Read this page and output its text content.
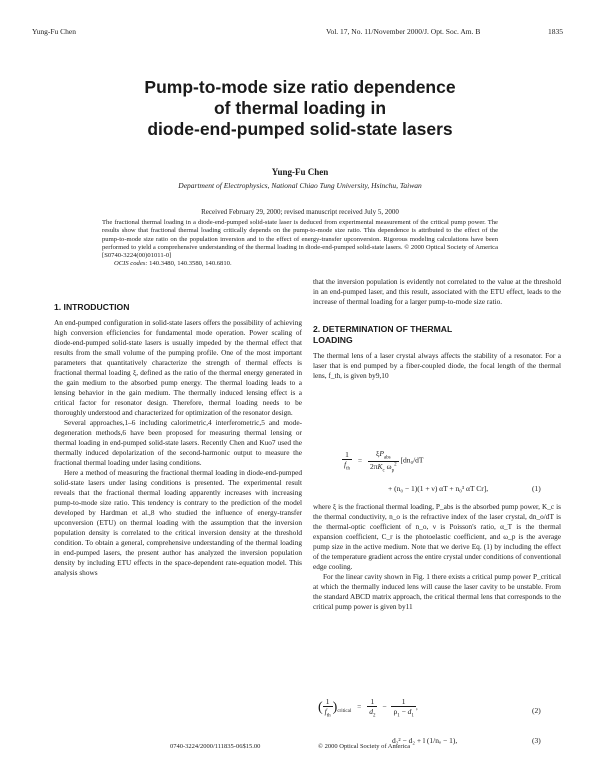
Yung-Fu Chen	Vol. 17, No. 11/November 2000/J. Opt. Soc. Am. B	1835
Pump-to-mode size ratio dependence
of thermal loading in
diode-end-pumped solid-state lasers
Yung-Fu Chen
Department of Electrophysics, National Chiao Tung University, Hsinchu, Taiwan
Received February 29, 2000; revised manuscript received July 5, 2000
The fractional thermal loading in a diode-end-pumped solid-state laser is deduced from experimental measurement of the critical pump power. The results show that fractional thermal loading critically depends on the pump-to-mode size ratio. This dependence is attributed to the effect of the pump-to-mode size ratio on the population inversion and to the effect of energy-transfer upconversion. Rigorous modeling calculations have been performed to yield a comprehensive understanding of the thermal loading in diode-end-pumped solid-state lasers. © 2000 Optical Society of America [S0740-3224(00)01011-0]
OCIS codes: 140.3480, 140.3580, 140.6810.
1. INTRODUCTION

An end-pumped configuration in solid-state lasers offers the possibility of achieving high conversion efficiencies for fundamental mode operation. Power scaling of diode-end-pumped solid-state lasers is usually impeded by the thermal effect that results from the small volume of the pumping profile. One of the most important parameters that quantitatively characterize the strength of thermal effects is fractional thermal loading ξ, defined as the ratio of the thermal energy generated in the gain medium to the absorbed pump energy. The thermal loading leads to a lensing behavior in the gain medium. The thermally induced lensing effect is a critical factor for resonator design. Therefore, thermal loading needs to be thoroughly understood and characterized for optimization of the resonator design.

Several approaches,1–6 including calorimetric,4 interferometric,5 and mode-degeneration methods,6 have been proposed for measuring thermal lensing or thermal loading in end-pumped solid-state lasers. Recently Chen and Kuo7 used the thermally induced depolarization of the second-harmonic output to measure the fractional thermal loading under lasing conditions.

Here a method of measuring the fractional thermal loading in diode-end-pumped solid-state lasers under lasing conditions is presented. The experimental result reveals that the fractional thermal loading apparently increases with increasing pump-to-mode size ratio. This tendency is contrary to the prediction of the model developed by Hardman et al.,8 who studied the influence of energy-transfer upconversion (ETU) on thermal loading with the assumption that the inversion population density is correlated to the critical inversion density at the threshold condition. To obtain a general, comprehensive understanding of the thermal loading in end-pumped lasers, the present author has analyzed the inversion population density by including ETU effects in the space-dependent rate-equation model. This analysis shows

that the inversion population is evidently not correlated to the value at the threshold in an end-pumped laser, and this result, associated with the ETU effect, leads to the increase of thermal loading for a larger pump-to-mode size ratio.

2. DETERMINATION OF THERMAL
LOADING

The thermal lens of a laser crystal always affects the stability of a resonator. For a laser that is end pumped by a fiber-coupled diode, the focal length of the thermal lens, f_th, is given by9,10

$\frac{1}{f_{th}} = \frac{\xi P_{abs}}{2\pi K_c \omega_p^2} [dn_0/dT$
+ (n₀ − 1)(1 + ν) αT + n₀³ αT Cr],	(1)

where ξ is the fractional thermal loading, P_abs is the absorbed pump power, K_c is the thermal conductivity, n_o is the refractive index of the laser crystal, dn_o/dT is the thermal-optic coefficient of n_o, ν is Poisson's ratio, α_T is the thermal expansion coefficient, C_r is the photoelastic coefficient, and ω_p is the average pump size in the active medium. Note that we derive Eq. (1) by including the effect of the temperature gradient across the entire crystal under conditions of conventional edge cooling.

For the linear cavity shown in Fig. 1 there exists a critical pump power P_critical at which the thermally induced lens will cause the laser cavity to be unstable. From the standard ABCD matrix approach, the critical thermal lens that corresponds to the critical pump power is given by11

( $\frac{1}{f_{th}} )_{critical} = \frac{1}{d_2} - \frac{1}{\rho_1 - d_1}$ ,	(2)
d₂² − d₂ + l (1/nₒ − 1),	(3)
0740-3224/2000/111835-06$15.00	© 2000 Optical Society of America
